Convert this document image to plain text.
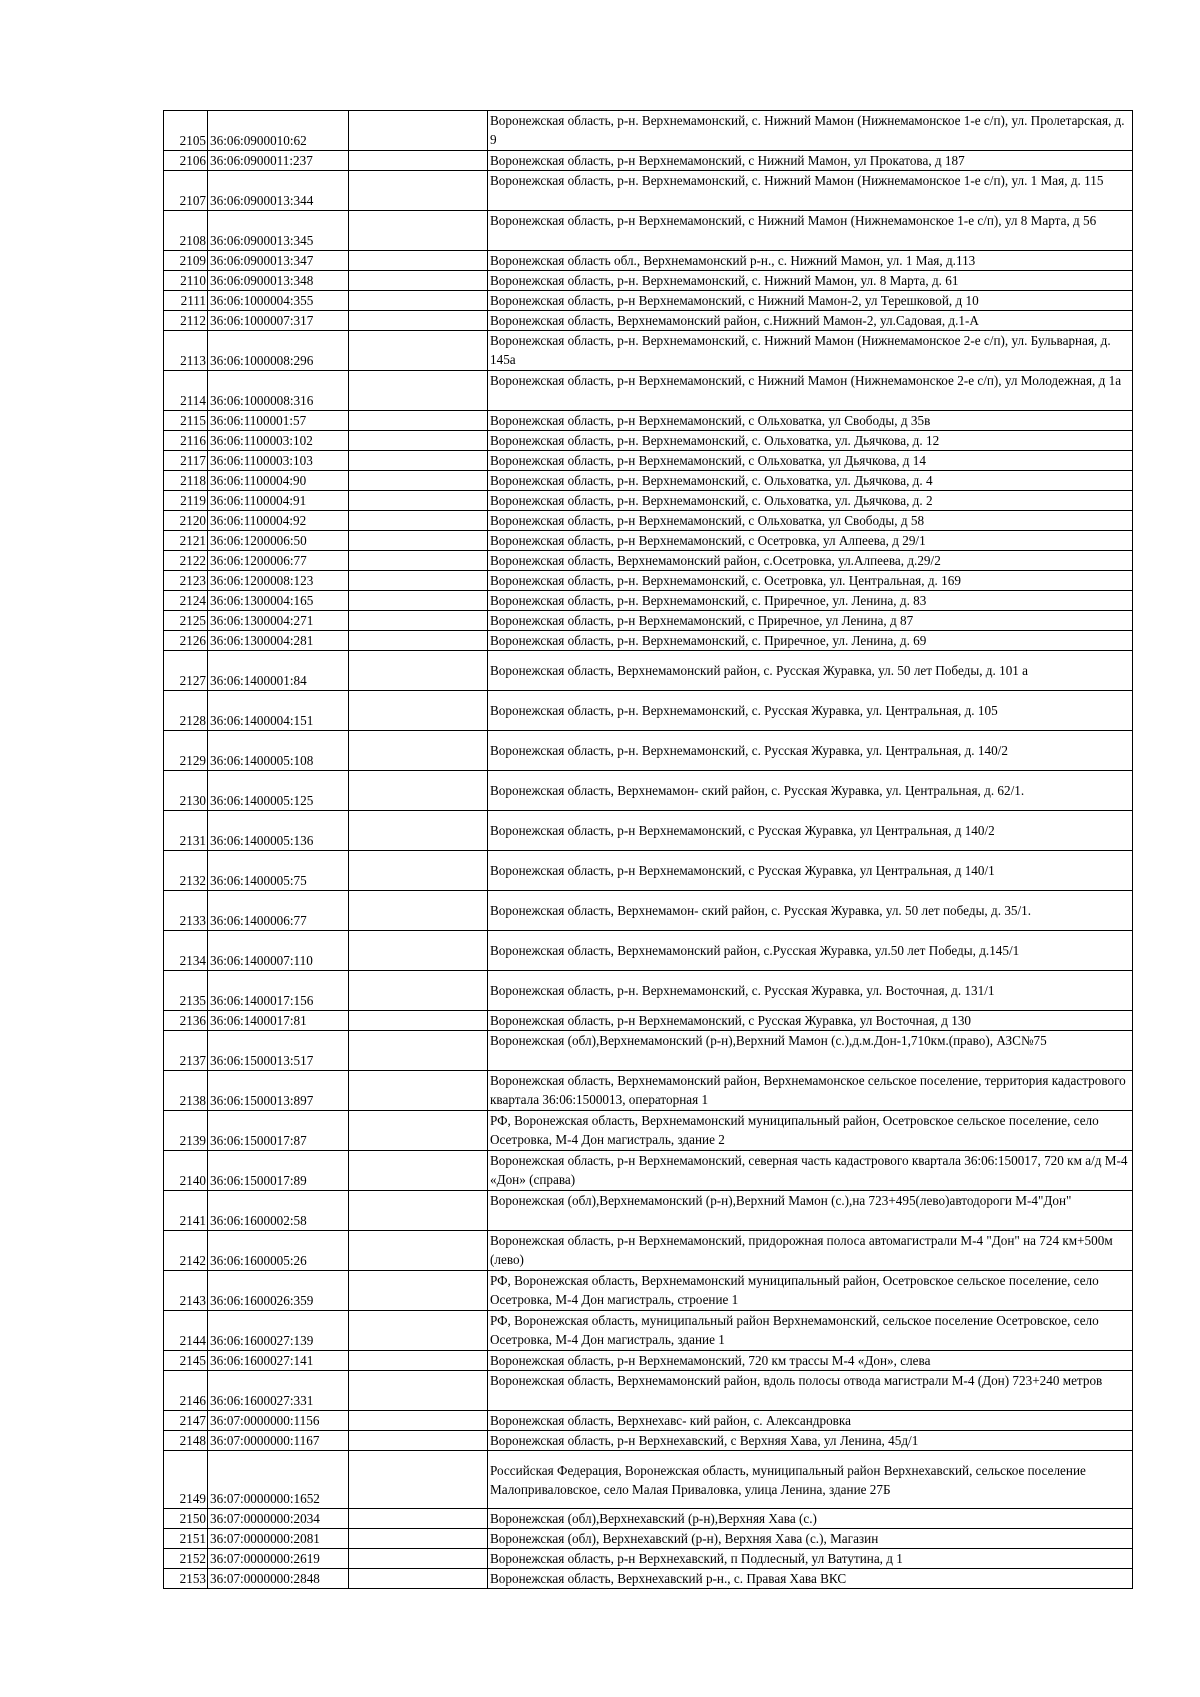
2105	36:06:0900010:62		Воронежская область, р-н. Верхнемамонский, с. Нижний Мамон (Нижнемамонское 1-е с/п), ул. Пролетарская, д. 9
2106	36:06:0900011:237		Воронежская область, р-н Верхнемамонский, с Нижний Мамон, ул Прокатова, д 187
2107	36:06:0900013:344		Воронежская область, р-н. Верхнемамонский, с. Нижний Мамон (Нижнемамонское 1-е с/п), ул. 1 Мая, д. 115
2108	36:06:0900013:345		Воронежская область, р-н Верхнемамонский, с Нижний Мамон (Нижнемамонское 1-е с/п), ул 8 Марта, д 56
2109	36:06:0900013:347		Воронежская область обл., Верхнемамонский р-н., с. Нижний Мамон, ул. 1 Мая, д.113
2110	36:06:0900013:348		Воронежская область, р-н. Верхнемамонский, с. Нижний Мамон, ул. 8 Марта, д. 61
2111	36:06:1000004:355		Воронежская область, р-н Верхнемамонский, с Нижний Мамон-2, ул Терешковой, д 10
2112	36:06:1000007:317		Воронежская область, Верхнемамонский район, с.Нижний Мамон-2, ул.Садовая, д.1-А
2113	36:06:1000008:296		Воронежская область, р-н. Верхнемамонский, с. Нижний Мамон (Нижнемамонское 2-е с/п), ул. Бульварная, д. 145а
2114	36:06:1000008:316		Воронежская область, р-н Верхнемамонский, с Нижний Мамон (Нижнемамонское 2-е с/п), ул Молодежная, д 1а
2115	36:06:1100001:57		Воронежская область, р-н Верхнемамонский, с Ольховатка, ул Свободы, д 35в
2116	36:06:1100003:102		Воронежская область, р-н. Верхнемамонский, с. Ольховатка, ул. Дьячкова, д. 12
2117	36:06:1100003:103		Воронежская область, р-н Верхнемамонский, с Ольховатка, ул Дьячкова, д 14
2118	36:06:1100004:90		Воронежская область, р-н. Верхнемамонский, с. Ольховатка, ул. Дьячкова, д. 4
2119	36:06:1100004:91		Воронежская область, р-н. Верхнемамонский, с. Ольховатка, ул. Дьячкова, д. 2
2120	36:06:1100004:92		Воронежская область, р-н Верхнемамонский, с Ольховатка, ул Свободы, д 58
2121	36:06:1200006:50		Воронежская область, р-н Верхнемамонский, с Осетровка, ул Алпеева, д 29/1
2122	36:06:1200006:77		Воронежская область, Верхнемамонский район, с.Осетровка, ул.Алпеева, д.29/2
2123	36:06:1200008:123		Воронежская область, р-н. Верхнемамонский, с. Осетровка, ул. Центральная, д. 169
2124	36:06:1300004:165		Воронежская область, р-н. Верхнемамонский, с. Приречное, ул. Ленина, д. 83
2125	36:06:1300004:271		Воронежская область, р-н Верхнемамонский, с Приречное, ул Ленина, д 87
2126	36:06:1300004:281		Воронежская область, р-н. Верхнемамонский, с. Приречное, ул. Ленина, д. 69
2127	36:06:1400001:84		Воронежская область, Верхнемамонский район, с. Русская Журавка, ул. 50 лет Победы, д. 101 а
2128	36:06:1400004:151		Воронежская область, р-н. Верхнемамонский, с. Русская Журавка, ул. Центральная, д. 105
2129	36:06:1400005:108		Воронежская область, р-н. Верхнемамонский, с. Русская Журавка, ул. Центральная, д. 140/2
2130	36:06:1400005:125		Воронежская область, Верхнемамон- ский район, с. Русская Журавка, ул. Центральная, д. 62/1.
2131	36:06:1400005:136		Воронежская область, р-н Верхнемамонский, с Русская Журавка, ул Центральная, д 140/2
2132	36:06:1400005:75		Воронежская область, р-н Верхнемамонский, с Русская Журавка, ул Центральная, д 140/1
2133	36:06:1400006:77		Воронежская область, Верхнемамон- ский район, с. Русская Журавка, ул. 50 лет победы, д. 35/1.
2134	36:06:1400007:110		Воронежская область, Верхнемамонский район, с.Русская Журавка, ул.50 лет Победы, д.145/1
2135	36:06:1400017:156		Воронежская область, р-н. Верхнемамонский, с. Русская Журавка, ул. Восточная, д. 131/1
2136	36:06:1400017:81		Воронежская область, р-н Верхнемамонский, с Русская Журавка, ул Восточная, д 130
2137	36:06:1500013:517		Воронежская (обл),Верхнемамонский (р-н),Верхний Мамон (с.),д.м.Дон-1,710км.(право), АЗС№75
2138	36:06:1500013:897		Воронежская область, Верхнемамонский район, Верхнемамонское сельское поселение, территория кадастрового квартала 36:06:1500013, операторная 1
2139	36:06:1500017:87		РФ, Воронежская область, Верхнемамонский муниципальный район, Осетровское сельское поселение, село Осетровка, М-4 Дон магистраль, здание 2
2140	36:06:1500017:89		Воронежская область, р-н Верхнемамонский, северная часть кадастрового квартала 36:06:150017, 720 км а/д М-4 «Дон» (справа)
2141	36:06:1600002:58		Воронежская (обл),Верхнемамонский (р-н),Верхний Мамон (с.),на 723+495(лево)автодороги М-4"Дон"
2142	36:06:1600005:26		Воронежская область, р-н Верхнемамонский, придорожная полоса автомагистрали М-4 "Дон" на 724 км+500м (лево)
2143	36:06:1600026:359		РФ, Воронежская область, Верхнемамонский муниципальный район, Осетровское сельское поселение, село Осетровка, М-4 Дон магистраль, строение 1
2144	36:06:1600027:139		РФ, Воронежская область, муниципальный район Верхнемамонский, сельское поселение Осетровское, село Осетровка, М-4 Дон магистраль, здание 1
2145	36:06:1600027:141		Воронежская область, р-н Верхнемамонский, 720 км трассы М-4 «Дон», слева
2146	36:06:1600027:331		Воронежская область, Верхнемамонский район, вдоль полосы отвода магистрали М-4 (Дон) 723+240 метров
2147	36:07:0000000:1156		Воронежская область, Верхнехавс- кий район, с. Александровка
2148	36:07:0000000:1167		Воронежская область, р-н Верхнехавский, с Верхняя Хава, ул Ленина, 45д/1
2149	36:07:0000000:1652		Российская Федерация, Воронежская область, муниципальный район Верхнехавский, сельское поселение Малоприваловское, село Малая Приваловка, улица Ленина, здание 27Б
2150	36:07:0000000:2034		Воронежская (обл),Верхнехавский (р-н),Верхняя Хава (с.)
2151	36:07:0000000:2081		Воронежская (обл), Верхнехавский (р-н), Верхняя Хава (с.), Магазин
2152	36:07:0000000:2619		Воронежская область, р-н Верхнехавский, п Подлесный, ул Ватутина, д 1
2153	36:07:0000000:2848		Воронежская область, Верхнехавский р-н., с. Правая Хава ВКС
